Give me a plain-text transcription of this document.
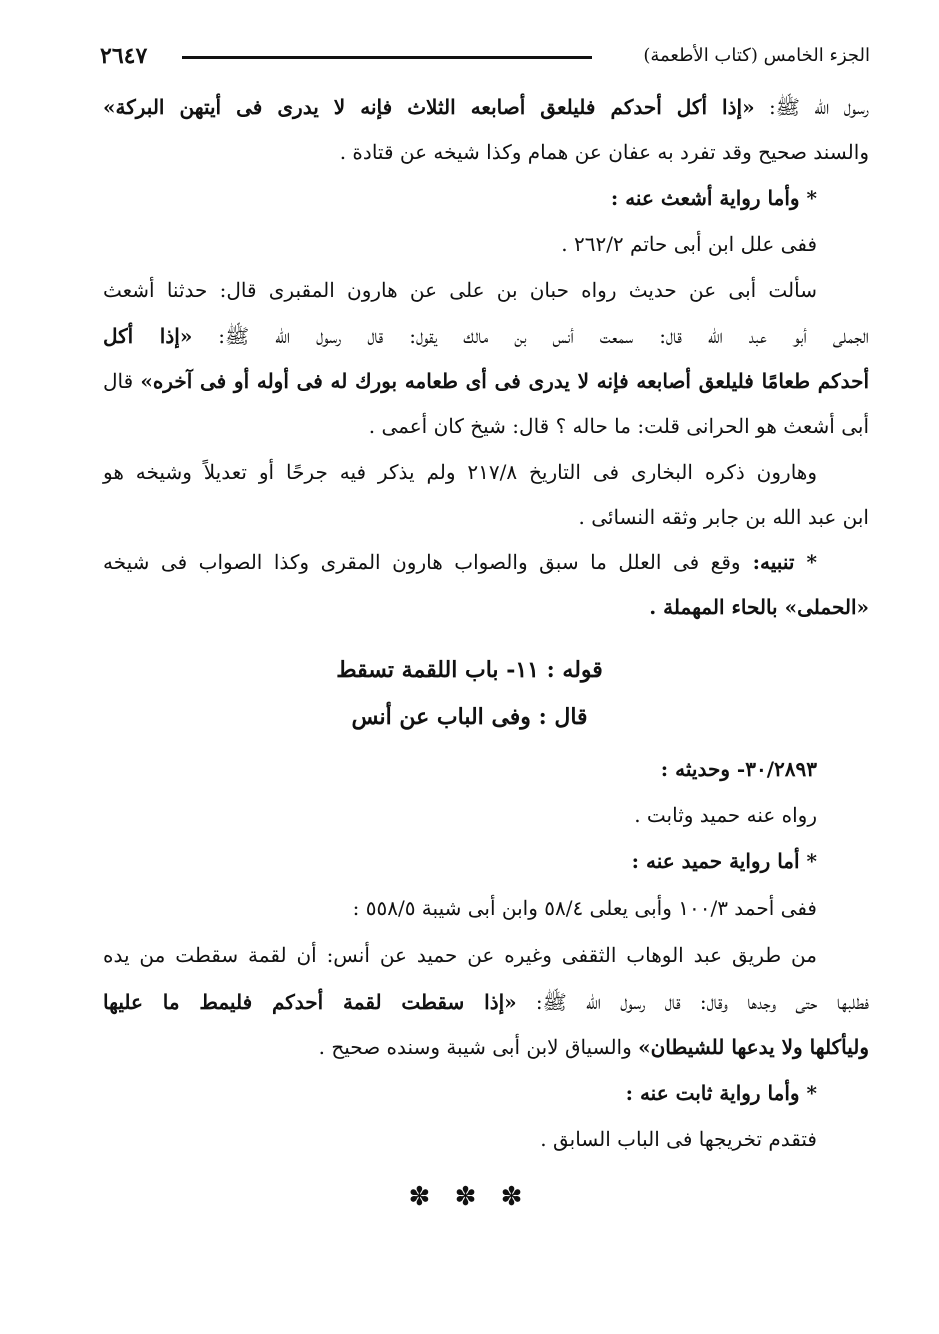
٢٦٤٧	الجزء الخامس (كتاب الأطعمة)
رسول الله ﷺ: «إذا أكل أحدكم فليلعق أصابعه الثلاث فإنه لا يدرى فى أيتهن البركة»
والسند صحيح وقد تفرد به عفان عن همام وكذا شيخه عن قتادة .
* وأما رواية أشعث عنه :
ففى علل ابن أبى حاتم ٢٦٢/٢ .
سألت أبى عن حديث رواه حبان بن على عن هارون المقبرى قال: حدثنا أشعث
الجملى أبو عبد الله قال: سمعت أنس بن مالك يقول: قال رسول الله ﷺ: «إذا أكل
أحدكم طعامًا فليلعق أصابعه فإنه لا يدرى فى أى طعامه بورك له فى أوله أو فى آخره» قال
أبى أشعث هو الحرانى قلت: ما حاله ؟ قال: شيخ كان أعمى .
وهارون ذكره البخارى فى التاريخ ٢١٧/٨ ولم يذكر فيه جرحًا أو تعديلاً وشيخه هو
ابن عبد الله بن جابر وثقه النسائى .
* تنبيه: وقع فى العلل ما سبق والصواب هارون المقرى وكذا الصواب فى شيخه
«الحملى» بالحاء المهملة .
قوله : ١١- باب اللقمة تسقط
قال : وفى الباب عن أنس
٣٠/٢٨٩٣- وحديثه :
رواه عنه حميد وثابت .
* أما رواية حميد عنه :
ففى أحمد ١٠٠/٣ وأبى يعلى ٥٨/٤ وابن أبى شيبة ٥٥٨/٥ :
من طريق عبد الوهاب الثقفى وغيره عن حميد عن أنس: أن لقمة سقطت من يده
فطلبها حتى وجدها وقال: قال رسول الله ﷺ: «إذا سقطت لقمة أحدكم فليمط ما عليها
وليأكلها ولا يدعها للشيطان» والسياق لابن أبى شيبة وسنده صحيح .
* وأما رواية ثابت عنه :
فتقدم تخريجها فى الباب السابق .
✽ ✽ ✽
